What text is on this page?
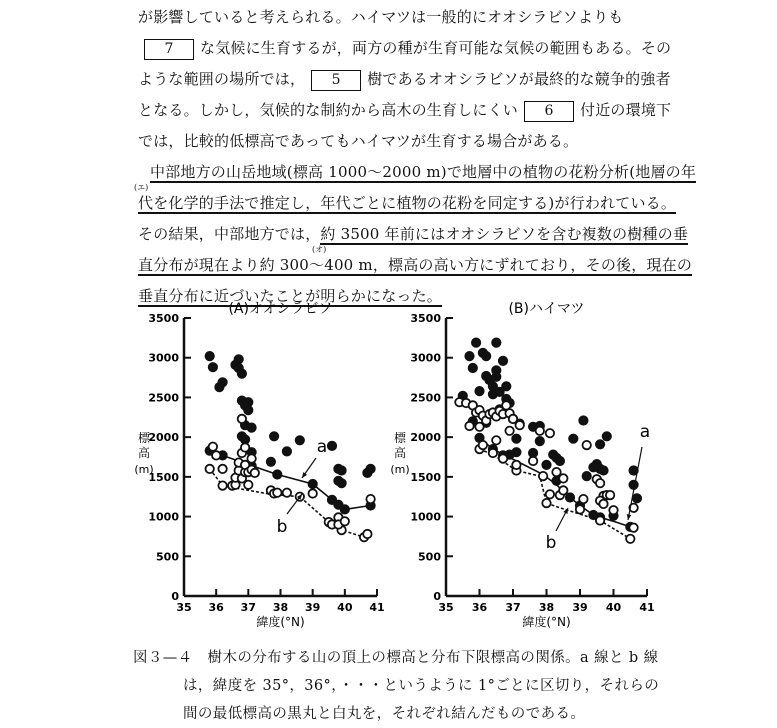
が影響していると考えられる。ハイマツは一般的にオオシラビソよりも
7 な気候に生育するが，両方の種が生育可能な気候の範囲もある。その
ような範囲の場所では， 5 樹であるオオシラビソが最終的な競争的強者
となる。しかし，気候的な制約から高木の生育しにくい 6 付近の環境下
では，比較的低標高であってもハイマツが生育する場合がある。
中部地方の山岳地域(標高 1000〜2000 m)で地層中の植物の花粉分析(地層の年
(エ)
代を化学的手法で推定し，年代ごとに植物の花粉を同定する)が行われている。
その結果，中部地方では，約 3500 年前にはオオシラビソを含む複数の樹種の垂
(オ)
直分布が現在より約 300〜400 m，標高の高い方にずれており，その後，現在の
垂直分布に近づいたことが明らかになった。
(A)オオシラビソ
0
500
1000
1500
2000
2500
3000
3500
35 36 37 38 39 40 41
緯度(°N)
標
高
(m)
a
b
(B)ハイマツ
0
500
1000
1500
2000
2500
3000
3500
35 36 37 38 39 40 41
緯度(°N)
標
高
(m)
a
b
図３—４　 樹木の分布する山の頂上の標高と分布下限標高の関係。a 線と b 線
は，緯度を 35°，36°，・・・というように 1°ごとに区切り，それらの
間の最低標高の黒丸と白丸を，それぞれ結んだものである。
